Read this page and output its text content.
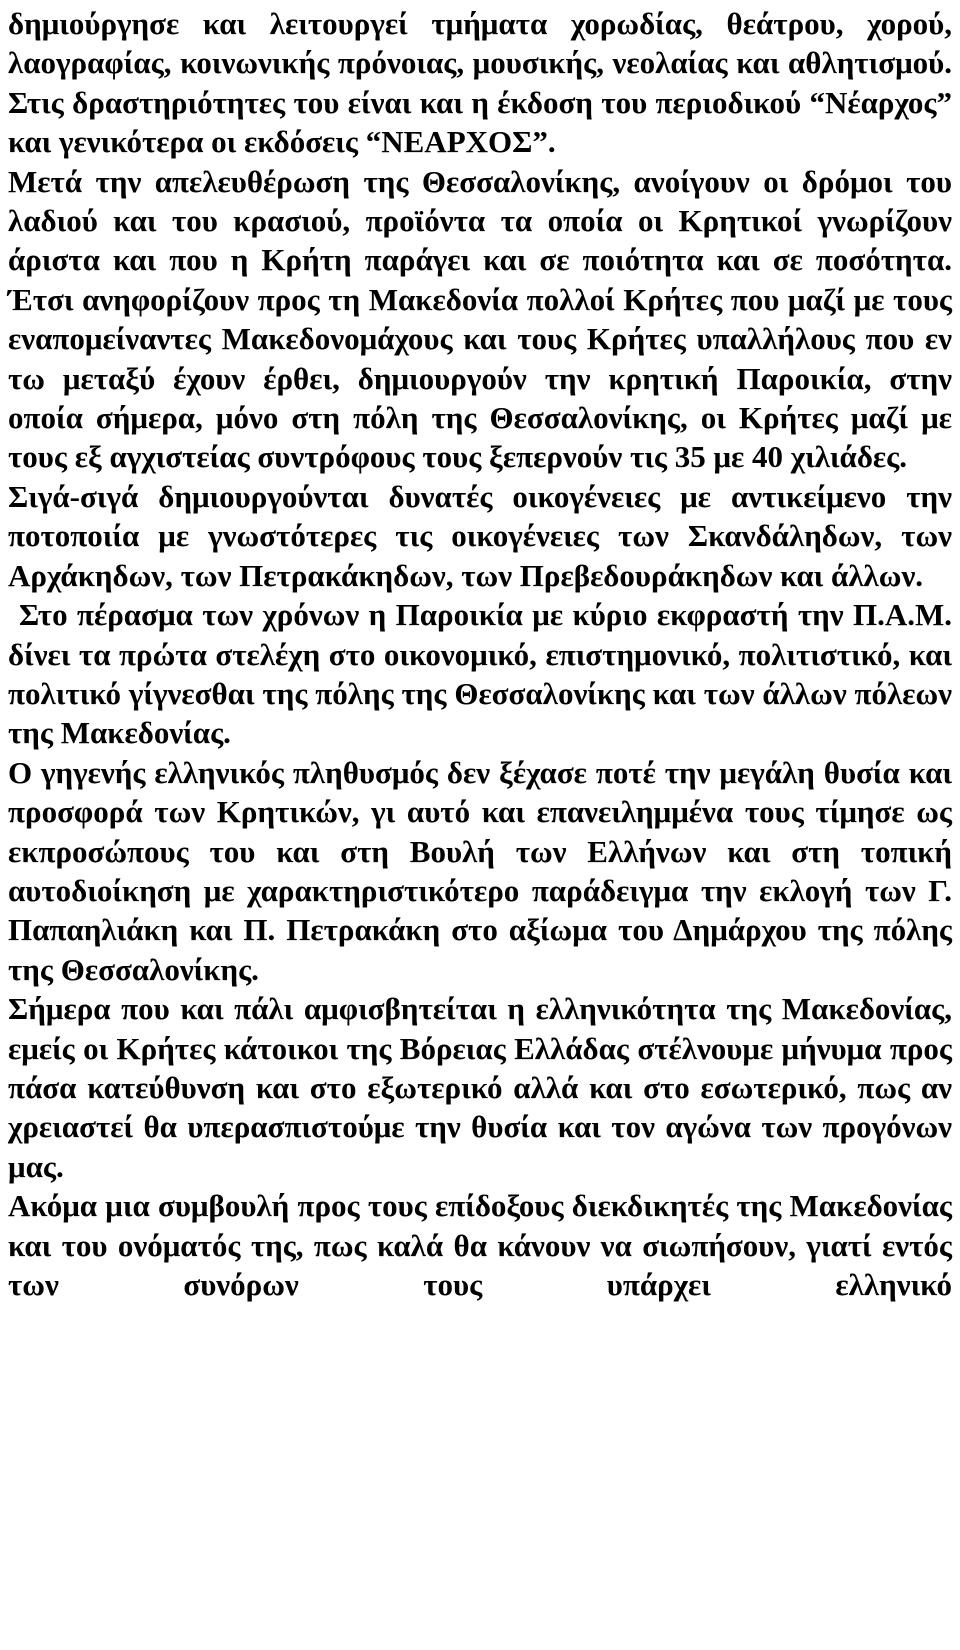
δημιούργησε και λειτουργεί τμήματα χορωδίας, θεάτρου, χορού, λαογραφίας, κοινωνικής πρόνοιας, μουσικής, νεολαίας και αθλητισμού. Στις δραστηριότητες του είναι και η έκδοση του περιοδικού “Νέαρχος” και γενικότερα οι εκδόσεις “ΝΕΑΡΧΟΣ”.

Μετά την απελευθέρωση της Θεσσαλονίκης, ανοίγουν οι δρόμοι του λαδιού και του κρασιού, προϊόντα τα οποία οι Κρητικοί γνωρίζουν άριστα και που η Κρήτη παράγει και σε ποιότητα και σε ποσότητα. Έτσι ανηφορίζουν προς τη Μακεδονία πολλοί Κρήτες που μαζί με τους εναπομείναντες Μακεδονομάχους και τους Κρήτες υπαλλήλους που εν τω μεταξύ έχουν έρθει, δημιουργούν την κρητική Παροικία, στην οποία σήμερα, μόνο στη πόλη της Θεσσαλονίκης, οι Κρήτες μαζί με τους εξ αγχιστείας συντρόφους τους ξεπερνούν τις 35 με 40 χιλιάδες.

Σιγά-σιγά δημιουργούνται δυνατές οικογένειες με αντικείμενο την ποτοποιία με γνωστότερες τις οικογένειες των Σκανδάληδων, των Αρχάκηδων, των Πετρακάκηδων, των Πρεβεδουράκηδων και άλλων.

Στο πέρασμα των χρόνων η Παροικία με κύριο εκφραστή την Π.Α.Μ. δίνει τα πρώτα στελέχη στο οικονομικό, επιστημονικό, πολιτιστικό, και πολιτικό γίγνεσθαι της πόλης της Θεσσαλονίκης και των άλλων πόλεων της Μακεδονίας.

Ο γηγενής ελληνικός πληθυσμός δεν ξέχασε ποτέ την μεγάλη θυσία και προσφορά των Κρητικών, γι αυτό και επανειλημμένα τους τίμησε ως εκπροσώπους του και στη Βουλή των Ελλήνων και στη τοπική αυτοδιοίκηση με χαρακτηριστικότερο παράδειγμα την εκλογή των Γ. Παπαηλιάκη και Π. Πετρακάκη στο αξίωμα του Δημάρχου της πόλης της Θεσσαλονίκης.

Σήμερα που και πάλι αμφισβητείται η ελληνικότητα της Μακεδονίας, εμείς οι Κρήτες κάτοικοι της Βόρειας Ελλάδας στέλνουμε μήνυμα προς πάσα κατεύθυνση και στο εξωτερικό αλλά και στο εσωτερικό, πως αν χρειαστεί θα υπερασπιστούμε την θυσία και τον αγώνα των προγόνων μας.

Ακόμα μια συμβουλή προς τους επίδοξους διεκδικητές της Μακεδονίας και του ονόματός της, πως καλά θα κάνουν να σιωπήσουν, γιατί εντός των συνόρων τους υπάρχει ελληνικό
